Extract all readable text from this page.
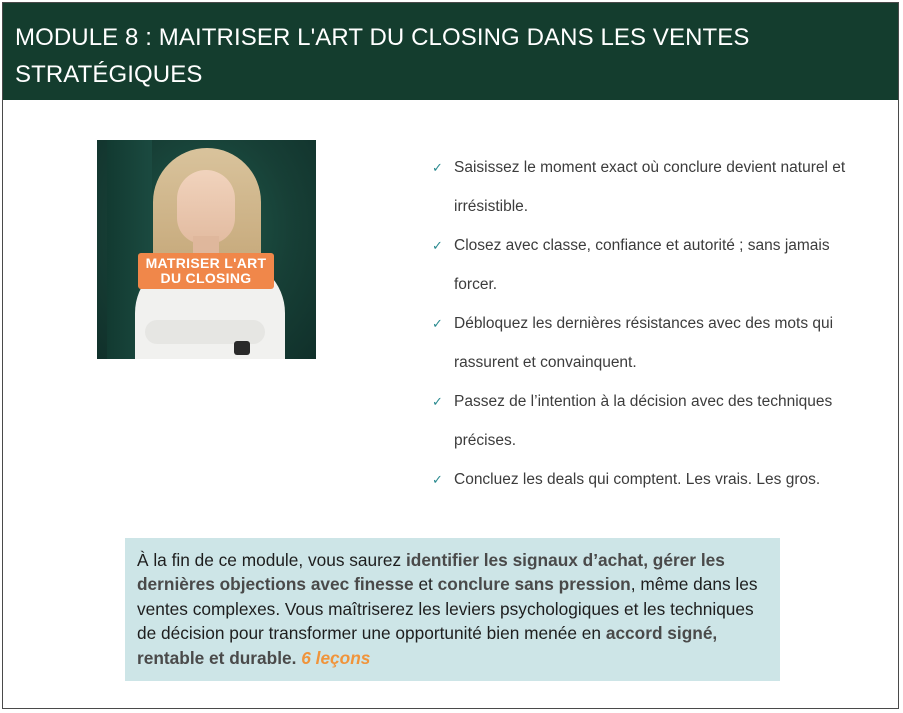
MODULE 8 : MAITRISER L'ART DU CLOSING DANS LES VENTES STRATÉGIQUES
MATRISER L'ART
DU CLOSING
✓ Saisissez le moment exact où conclure devient naturel et irrésistible.
✓ Closez avec classe, confiance et autorité ; sans jamais forcer.
✓ Débloquez les dernières résistances avec des mots qui rassurent et convainquent.
✓ Passez de l’intention à la décision avec des techniques précises.
✓ Concluez les deals qui comptent. Les vrais. Les gros.
À la fin de ce module, vous saurez identifier les signaux d’achat, gérer les dernières objections avec finesse et conclure sans pression, même dans les ventes complexes. Vous maîtriserez les leviers psychologiques et les techniques de décision pour transformer une opportunité bien menée en accord signé, rentable et durable. 6 leçons
